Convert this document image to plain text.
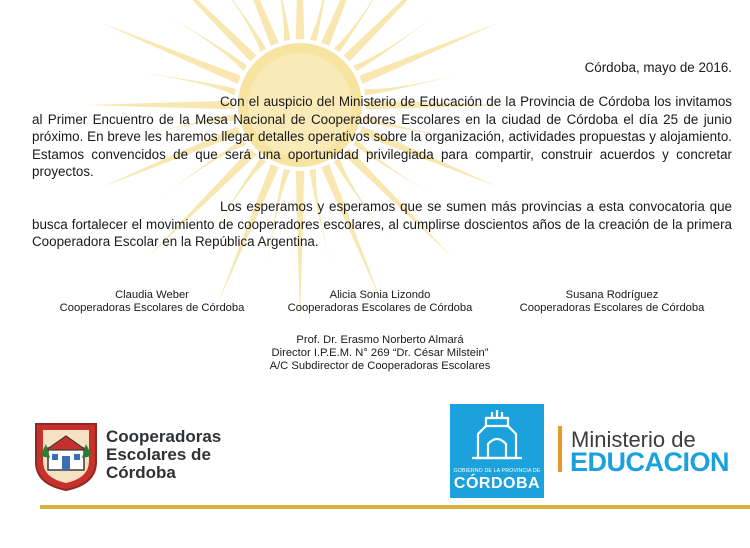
Córdoba, mayo de 2016.

Con el auspicio del Ministerio de Educación de la Provincia de Córdoba los invitamos al Primer Encuentro de la Mesa Nacional de Cooperadores Escolares en la ciudad de Córdoba el día 25 de junio próximo. En breve les haremos llegar detalles operativos sobre la organización, actividades propuestas y alojamiento. Estamos convencidos de que será una oportunidad privilegiada para compartir, construir acuerdos y concretar proyectos.

Los esperamos y esperamos que se sumen más provincias a esta convocatoria que busca fortalecer el movimiento de cooperadores escolares, al cumplirse doscientos años de la creación de la primera Cooperadora Escolar en la República Argentina.

Claudia Weber
Cooperadoras Escolares de Córdoba
Alicia Sonia Lizondo
Cooperadoras Escolares de Córdoba
Susana Rodríguez
Cooperadoras Escolares de Córdoba
Prof. Dr. Erasmo Norberto Almará
Director I.P.E.M. N° 269 “Dr. César Milstein”
A/C Subdirector de Cooperadoras Escolares
Cooperadoras
Escolares de
Córdoba	GOBIERNO DE LA PROVINCIA DE
CÓRDOBA
Ministerio de
EDUCACION
